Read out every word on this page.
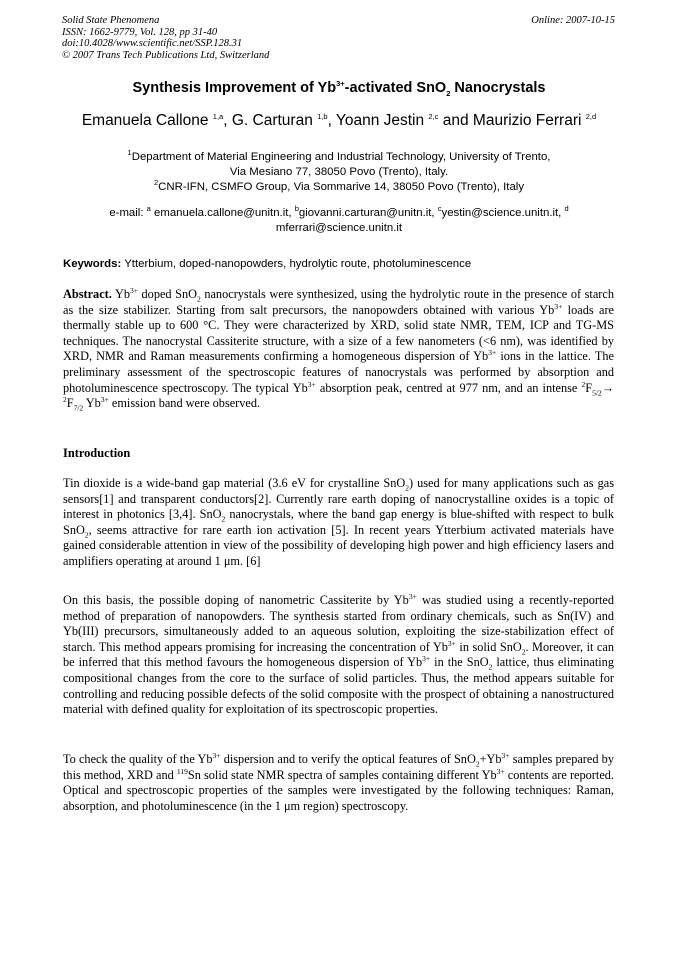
Solid State Phenomena
ISSN: 1662-9779, Vol. 128, pp 31-40
doi:10.4028/www.scientific.net/SSP.128.31
© 2007 Trans Tech Publications Ltd, Switzerland
Online: 2007-10-15
Synthesis Improvement of $Yb^{3+}$-activated SnO$_2$ Nanocrystals
Emanuela Callone $^{1,a}$, G. Carturan $^{1,b}$, Yoann Jestin $^{2,c}$ and Maurizio Ferrari $^{2,d}$
$^1$Department of Material Engineering and Industrial Technology, University of Trento,
Via Mesiano 77, 38050 Povo (Trento), Italy.
$^2$CNR-IFN, CSMFO Group, Via Sommarive 14, 38050 Povo (Trento), Italy
e-mail: $^a$ emanuela.callone@unitn.it, $^b$giovanni.carturan@unitn.it, $^c$yestin@science.unitn.it, $^d$
mferrari@science.unitn.it
Keywords: Ytterbium, doped-nanopowders, hydrolytic route, photoluminescence
Abstract. $Yb^{3+}$ doped SnO$_2$ nanocrystals were synthesized, using the hydrolytic route in the presence of starch as the size stabilizer. Starting from salt precursors, the nanopowders obtained with various $Yb^{3+}$ loads are thermally stable up to 600 °C. They were characterized by XRD, solid state NMR, TEM, ICP and TG-MS techniques. The nanocrystal Cassiterite structure, with a size of a few nanometers (<6 nm), was identified by XRD, NMR and Raman measurements confirming a homogeneous dispersion of $Yb^{3+}$ ions in the lattice. The preliminary assessment of the spectroscopic features of nanocrystals was performed by absorption and photoluminescence spectroscopy. The typical $Yb^{3+}$ absorption peak, centred at 977 nm, and an intense $^2F_{5/2}\to ^2F_{7/2}$ $Yb^{3+}$ emission band were observed.
Introduction
Tin dioxide is a wide-band gap material (3.6 eV for crystalline SnO$_2$) used for many applications such as gas sensors[1] and transparent conductors[2]. Currently rare earth doping of nanocrystalline oxides is a topic of interest in photonics [3,4]. SnO$_2$ nanocrystals, where the band gap energy is blue-shifted with respect to bulk SnO$_2$, seems attractive for rare earth ion activation [5]. In recent years Ytterbium activated materials have gained considerable attention in view of the possibility of developing high power and high efficiency lasers and amplifiers operating at around 1 μm. [6]
On this basis, the possible doping of nanometric Cassiterite by $Yb^{3+}$ was studied using a recently-reported method of preparation of nanopowders. The synthesis started from ordinary chemicals, such as Sn(IV) and Yb(III) precursors, simultaneously added to an aqueous solution, exploiting the size-stabilization effect of starch. This method appears promising for increasing the concentration of $Yb^{3+}$ in solid SnO$_2$. Moreover, it can be inferred that this method favours the homogeneous dispersion of $Yb^{3+}$ in the SnO$_2$ lattice, thus eliminating compositional changes from the core to the surface of solid particles. Thus, the method appears suitable for controlling and reducing possible defects of the solid composite with the prospect of obtaining a nanostructured material with defined quality for exploitation of its spectroscopic properties.
To check the quality of the $Yb^{3+}$ dispersion and to verify the optical features of $SnO_2+Yb^{3+}$ samples prepared by this method, XRD and $^{119}$Sn solid state NMR spectra of samples containing different $Yb^{3+}$ contents are reported. Optical and spectroscopic properties of the samples were investigated by the following techniques: Raman, absorption, and photoluminescence (in the 1 μm region) spectroscopy.
